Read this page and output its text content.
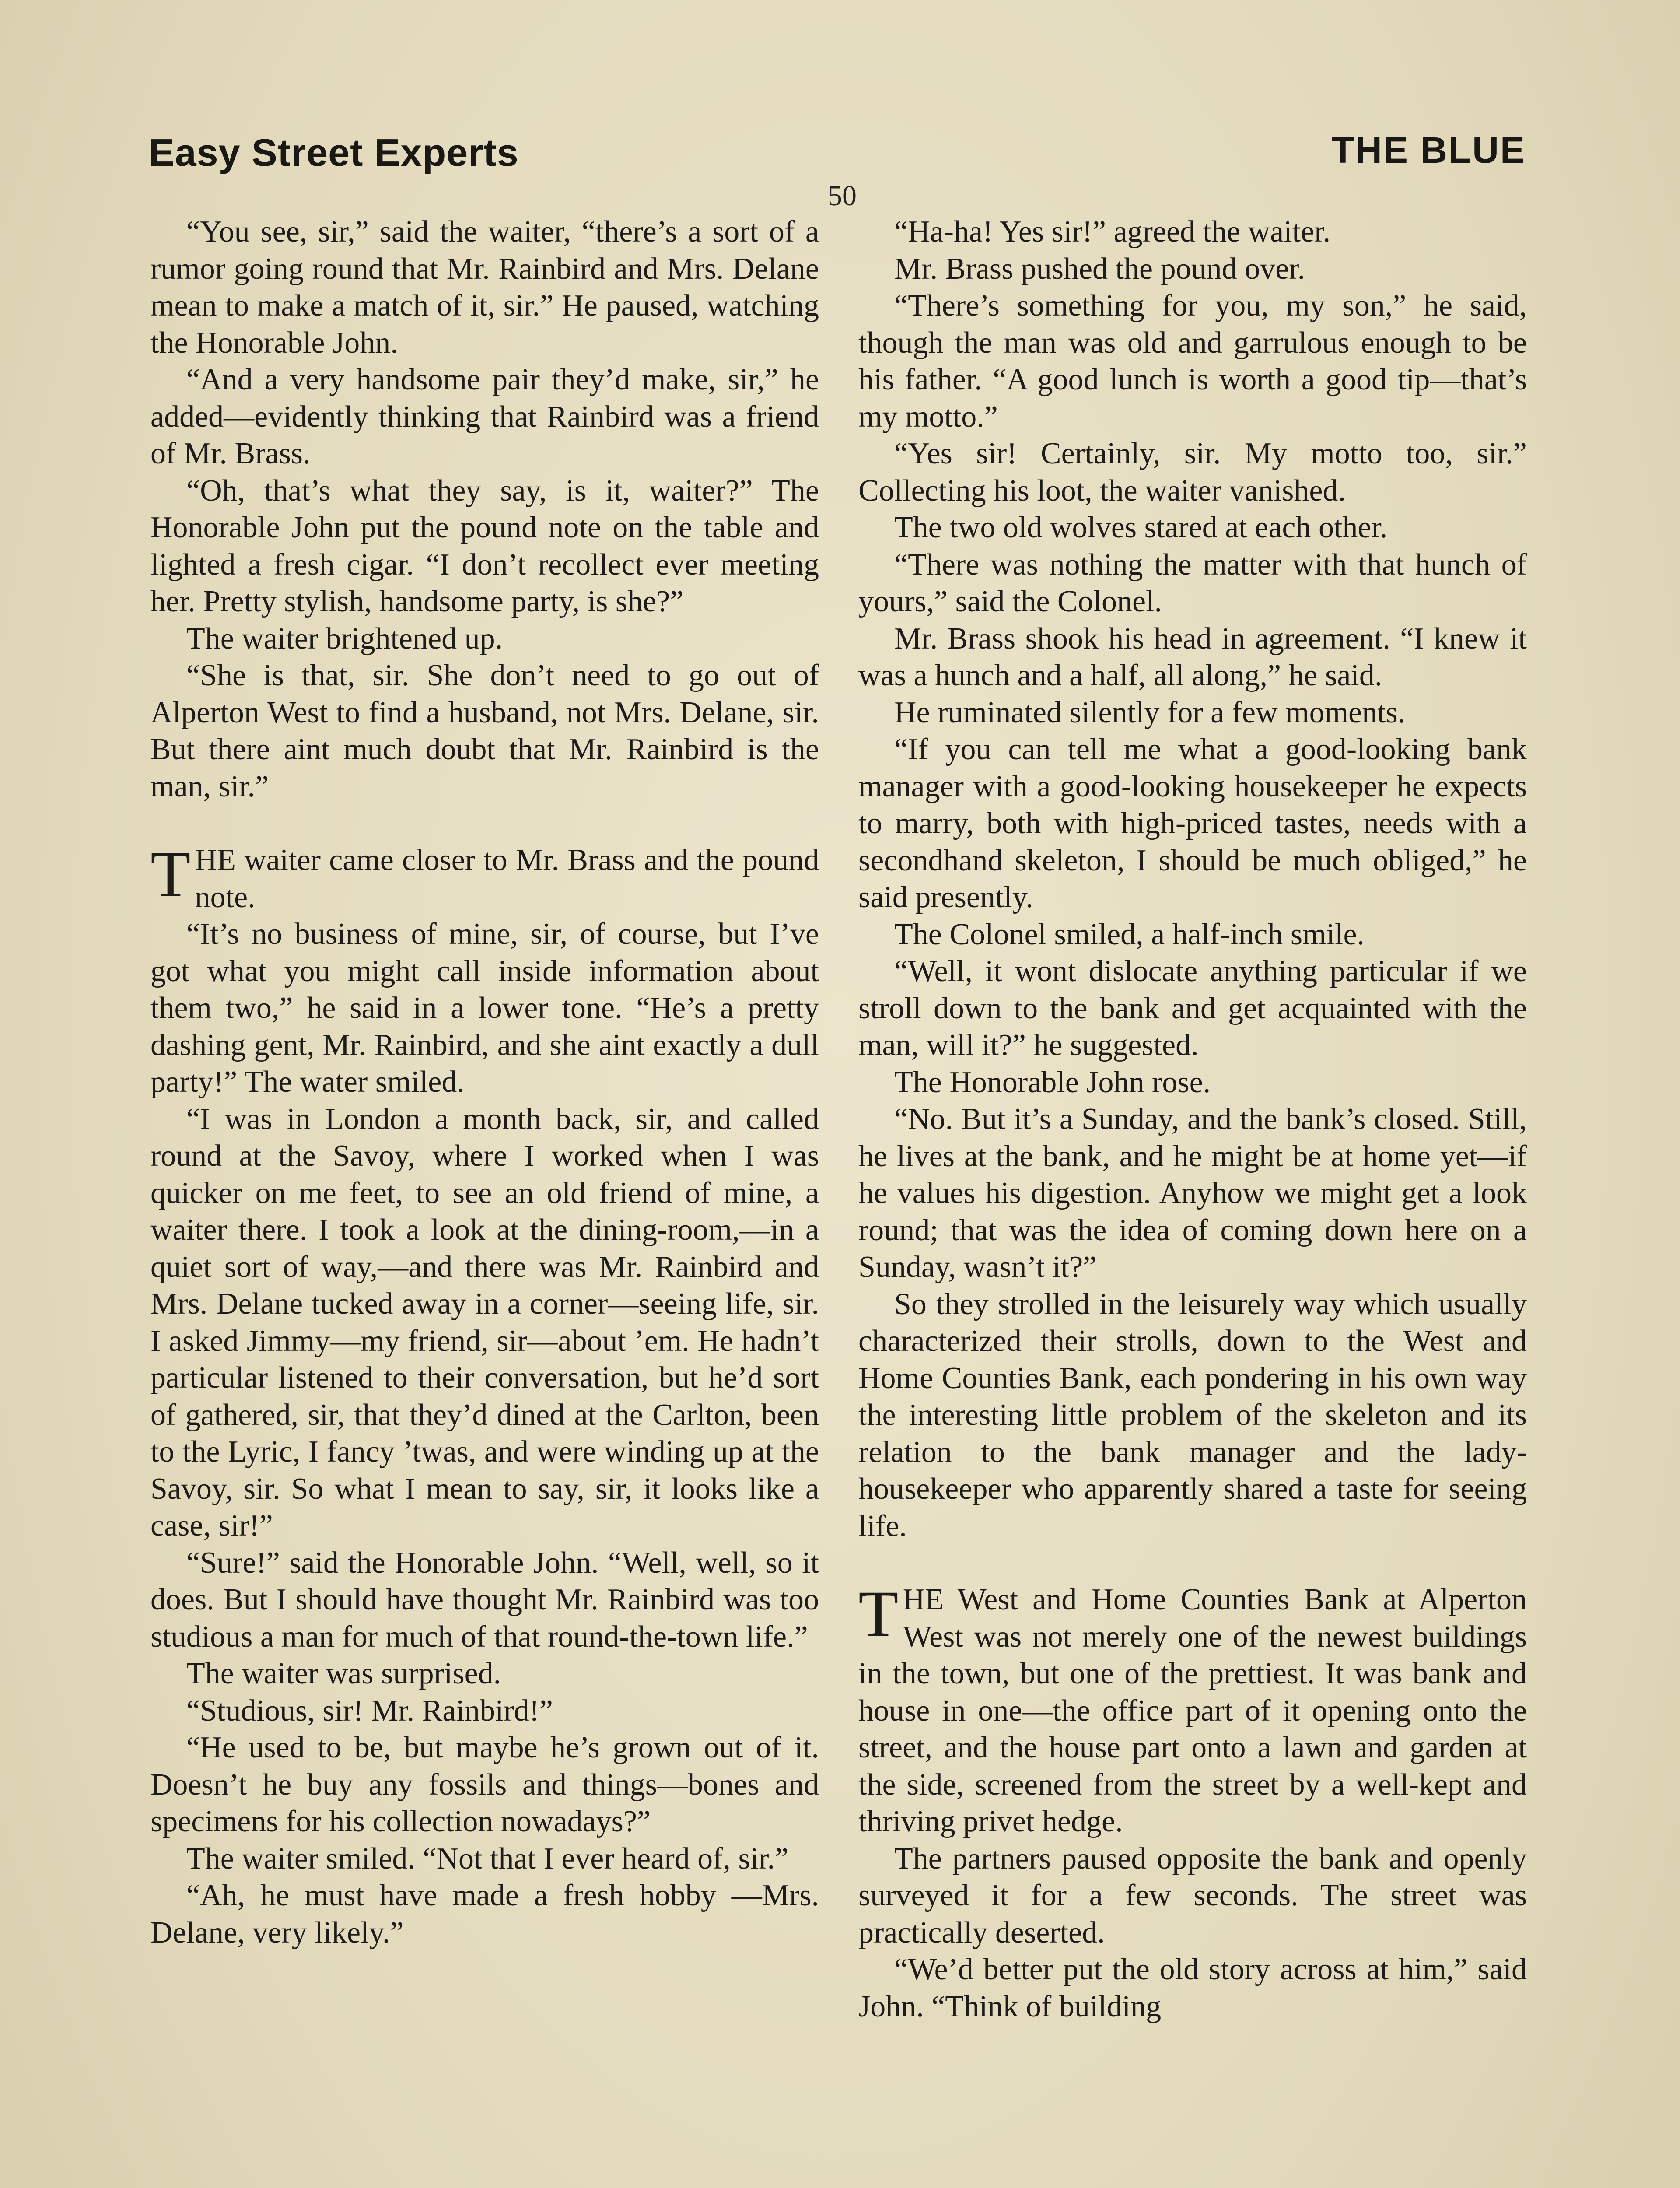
Easy Street Experts
50
THE BLUE

“You see, sir,” said the waiter, “there’s a sort of a rumor going round that Mr. Rainbird and Mrs. Delane mean to make a match of it, sir.” He paused, watching the Honorable John.

“And a very handsome pair they’d make, sir,” he added—evidently thinking that Rainbird was a friend of Mr. Brass.

“Oh, that’s what they say, is it, waiter?” The Honorable John put the pound note on the table and lighted a fresh cigar. “I don’t recollect ever meeting her. Pretty stylish, handsome party, is she?”

The waiter brightened up.

“She is that, sir. She don’t need to go out of Alperton West to find a husband, not Mrs. Delane, sir. But there aint much doubt that Mr. Rainbird is the man, sir.”

THE waiter came closer to Mr. Brass and the pound note.

“It’s no business of mine, sir, of course, but I’ve got what you might call inside information about them two,” he said in a lower tone. “He’s a pretty dashing gent, Mr. Rainbird, and she aint exactly a dull party!” The water smiled.

“I was in London a month back, sir, and called round at the Savoy, where I worked when I was quicker on me feet, to see an old friend of mine, a waiter there. I took a look at the dining-room,—in a quiet sort of way,—and there was Mr. Rainbird and Mrs. Delane tucked away in a corner—seeing life, sir. I asked Jimmy—my friend, sir—about ’em. He hadn’t particular listened to their conversation, but he’d sort of gathered, sir, that they’d dined at the Carlton, been to the Lyric, I fancy ’twas, and were winding up at the Savoy, sir. So what I mean to say, sir, it looks like a case, sir!”

“Sure!” said the Honorable John. “Well, well, so it does. But I should have thought Mr. Rainbird was too studious a man for much of that round-the-town life.”

The waiter was surprised.

“Studious, sir! Mr. Rainbird!”

“He used to be, but maybe he’s grown out of it. Doesn’t he buy any fossils and things—bones and specimens for his collection nowadays?”

The waiter smiled. “Not that I ever heard of, sir.”

“Ah, he must have made a fresh hobby —Mrs. Delane, very likely.”

“Ha-ha! Yes sir!” agreed the waiter.

Mr. Brass pushed the pound over.

“There’s something for you, my son,” he said, though the man was old and garrulous enough to be his father. “A good lunch is worth a good tip—that’s my motto.”

“Yes sir! Certainly, sir. My motto too, sir.” Collecting his loot, the waiter vanished.

The two old wolves stared at each other.

“There was nothing the matter with that hunch of yours,” said the Colonel.

Mr. Brass shook his head in agreement. “I knew it was a hunch and a half, all along,” he said.

He ruminated silently for a few moments.

“If you can tell me what a good-looking bank manager with a good-looking housekeeper he expects to marry, both with high-priced tastes, needs with a secondhand skeleton, I should be much obliged,” he said presently.

The Colonel smiled, a half-inch smile.

“Well, it wont dislocate anything particular if we stroll down to the bank and get acquainted with the man, will it?” he suggested.

The Honorable John rose.

“No. But it’s a Sunday, and the bank’s closed. Still, he lives at the bank, and he might be at home yet—if he values his digestion. Anyhow we might get a look round; that was the idea of coming down here on a Sunday, wasn’t it?”

So they strolled in the leisurely way which usually characterized their strolls, down to the West and Home Counties Bank, each pondering in his own way the interesting little problem of the skeleton and its relation to the bank manager and the lady-housekeeper who apparently shared a taste for seeing life.

THE West and Home Counties Bank at Alperton West was not merely one of the newest buildings in the town, but one of the prettiest. It was bank and house in one—the office part of it opening onto the street, and the house part onto a lawn and garden at the side, screened from the street by a well-kept and thriving privet hedge.

The partners paused opposite the bank and openly surveyed it for a few seconds. The street was practically deserted.

“We’d better put the old story across at him,” said John. “Think of building
